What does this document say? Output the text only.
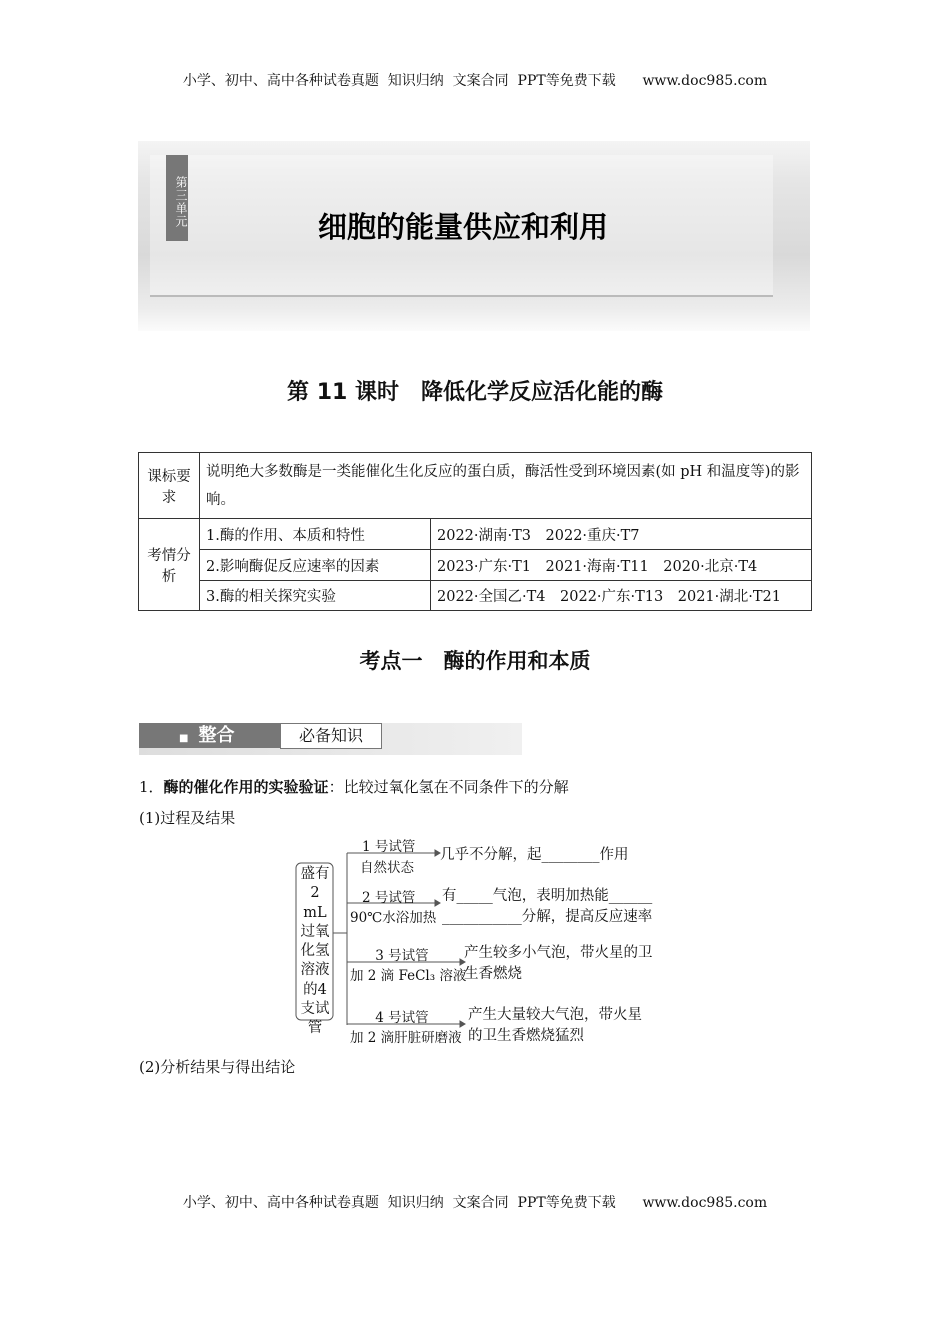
小学、初中、高中各种试卷真题  知识归纳  文案合同  PPT等免费下载      www.doc985.com
第三单元	细胞的能量供应和利用
第 11 课时　降低化学反应活化能的酶
课标要求	说明绝大多数酶是一类能催化生化反应的蛋白质，酶活性受到环境因素(如 pH 和温度等)的影响。	
考情分析	1.酶的作用、本质和特性	2022·湖南·T3　2022·重庆·T7
	2.影响酶促反应速率的因素	2023·广东·T1　2021·海南·T11　2020·北京·T4
	3.酶的相关探究实验	2022·全国乙·T4　2022·广东·T13　2021·湖北·T21
考点一　酶的作用和本质
■ 整合	必备知识
1．酶的催化作用的实验验证：比较过氧化氢在不同条件下的分解
(1)过程及结果
盛有2 mL过氧化氢溶液的4支试管
1 号试管
自然状态
几乎不分解，起________作用
2 号试管
90℃水浴加热
有_____气泡，表明加热能______
___________分解，提高反应速率
3 号试管
加 2 滴 FeCl₃ 溶液
产生较多小气泡，带火星的卫
生香燃烧
4 号试管
加 2 滴肝脏研磨液
产生大量较大气泡，带火星
的卫生香燃烧猛烈
(2)分析结果与得出结论
小学、初中、高中各种试卷真题  知识归纳  文案合同  PPT等免费下载      www.doc985.com
